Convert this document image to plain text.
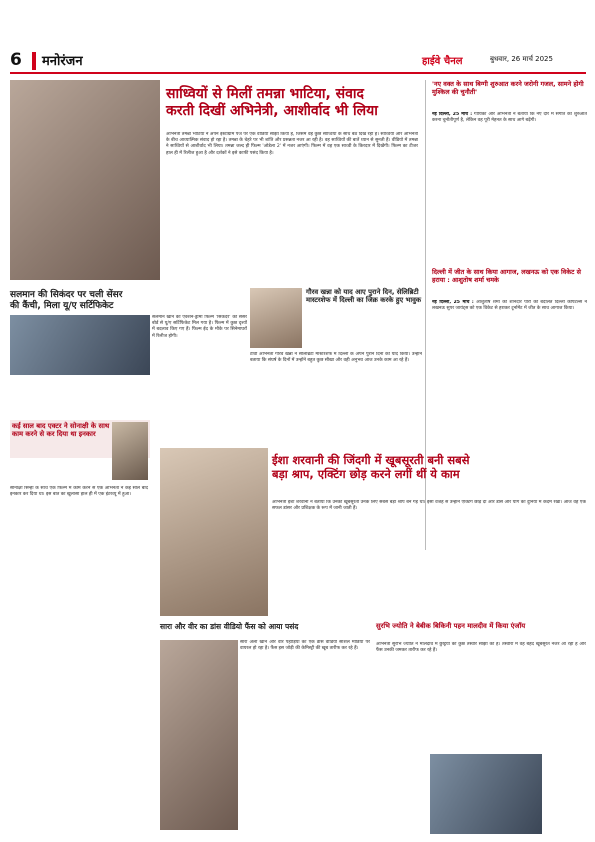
6	मनोरंजन	हाईवे चैनल	बुधवार, 26 मार्च 2025
साध्वियों से मिलीं तमन्ना भाटिया, संवाद
करती दिखीं अभिनेत्री, आशीर्वाद भी लिया
अभिनेत्री तमन्ना भाटिया ने अपने इंस्टाग्राम पेज पर एक वीडियो साझा किया है, जिसमें वह कुछ साध्वियों के साथ बैठे दिख रही हैं। साध्वियों और अभिनेत्री के बीच आध्यात्मिक संवाद हो रहा है। तमन्ना के चेहरे पर भी शांति और प्रसन्नता नजर आ रही है। वह साध्वियों की बातें ध्यान से सुनती हैं। वीडियो में तमन्ना ने साध्वियों से आशीर्वाद भी लिया। तमन्ना जल्द ही फिल्म 'ओडेला 2' में नजर आएंगी। फिल्म में वह एक साध्वी के किरदार में दिखेंगी। फिल्म का टीजर हाल ही में रिलीज हुआ है और दर्शकों ने इसे काफी पसंद किया है।
'नए वक्त के साथ बिग्गी शुरुआत करने जरोगी गजल, सामने होगी मुश्किल की चुनौती'
नई दिल्ली, 25 मार्च : गायिका और अभिनेत्री ने बताया कि नए दौर में संगीत की शुरुआत करना चुनौतीपूर्ण है, लेकिन वह पूरी मेहनत के साथ आगे बढ़ेंगी।
दिल्ली में जीत के साथ किया आगाज, लखनऊ को एक विकेट से हराया : आशुतोष शर्मा चमके
नई दिल्ली, 25 मार्च : आशुतोष शर्मा की शानदार पारी की बदौलत दिल्ली कैपिटल्स ने लखनऊ सुपर जायंट्स को एक विकेट से हराकर टूर्नामेंट में जीत के साथ आगाज किया।
सलमान की सिकंदर पर चली सेंसर
की कैंची, मिला यू/ए सर्टिफिकेट
सलमान खान की एक्शन-ड्रामा फिल्म 'सिकंदर' को सेंसर बोर्ड से यू/ए सर्टिफिकेट मिल गया है। फिल्म में कुछ दृश्यों में बदलाव किए गए हैं। फिल्म ईद के मौके पर सिनेमाघरों में रिलीज होगी।
गौरव खन्ना को याद आए पुराने दिन, सेलिब्रिटी
मास्टरशेफ में दिल्ली का जिक्र करके हुए भावुक
टीवी अभिनेता गौरव खन्ना ने सेलिब्रिटी मास्टरशेफ में दिल्ली के अपने पुराने दिनों को याद किया। उन्होंने बताया कि संघर्ष के दिनों में उन्होंने बहुत कुछ सीखा और वही अनुभव आज उनके काम आ रहे हैं।
कई साल बाद एक्टर ने सोनाक्षी के साथ
काम करने से कर दिया था इनकार
सोनाक्षी सिन्हा के साथ एक फिल्म में काम करने से एक अभिनेता ने कई साल बाद इनकार कर दिया था। इस बात का खुलासा हाल ही में एक इंटरव्यू में हुआ।
ईशा शरवानी की जिंदगी में खूबसूरती बनी सबसे
बड़ा श्राप, एक्टिंग छोड़ करने लगीं थीं ये काम
अभिनेत्री ईशा शरवानी ने बताया कि उनकी खूबसूरती उनके लिए सबसे बड़ा श्राप बन गई थी। इसी वजह से उन्होंने एक्टिंग छोड़ दी और डांस और योग की दुनिया में कदम रखा। आज वह एक सफल डांसर और प्रशिक्षक के रूप में जानी जाती हैं।
सारा और वीर का डांस वीडियो फैंस को आया पसंद
सारा अली खान और वीर पहाड़िया का एक डांस वीडियो सोशल मीडिया पर वायरल हो रहा है। फैंस इस जोड़ी की केमिस्ट्री की खूब तारीफ कर रहे हैं।
सुरभि ज्योति ने बेबीक बिकिनी पहन मालदीव में किया एंजॉय
अभिनेत्री सुरभि ज्योति ने मालदीव में छुट्टियों की कुछ तस्वीरें साझा की हैं। तस्वीरों में वह बेहद खूबसूरत नजर आ रही हैं और फैंस उनकी जमकर तारीफ कर रहे हैं।
